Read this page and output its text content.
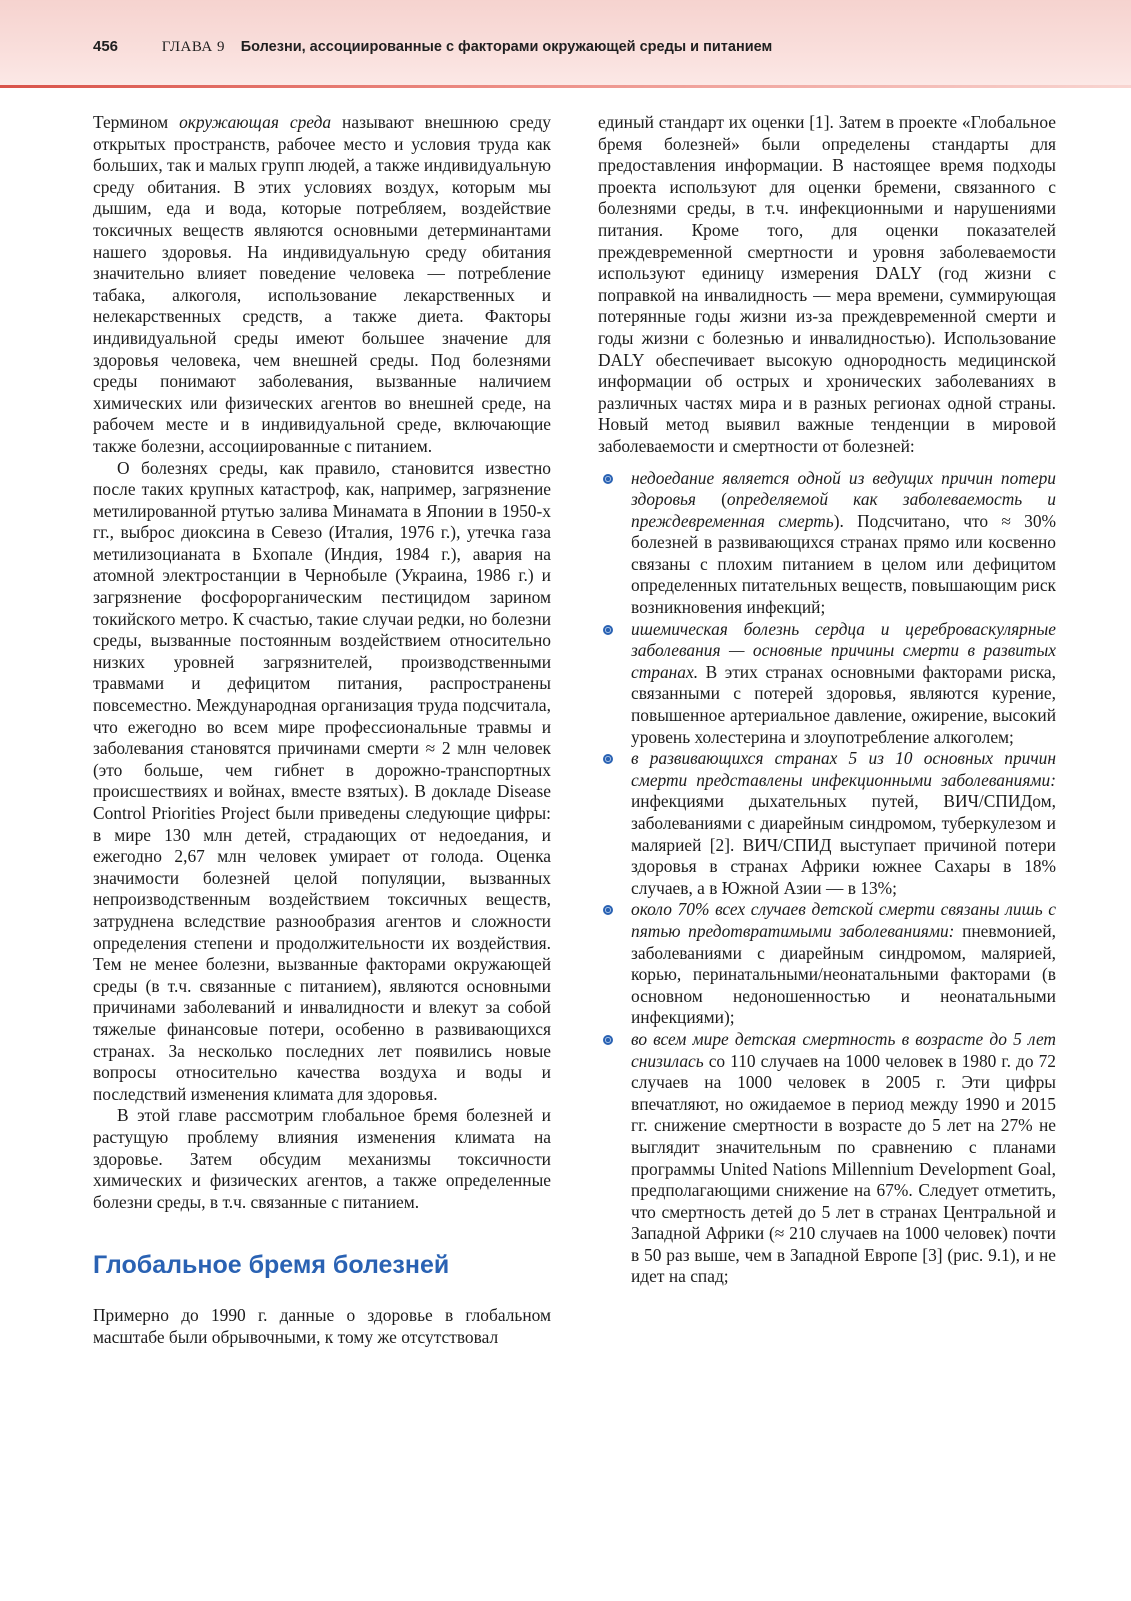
456	ГЛАВА 9 Болезни, ассоциированные с факторами окружающей среды и питанием

Термином окружающая среда называют внешнюю среду открытых пространств, рабочее место и условия труда как больших, так и малых групп людей, а также индивидуальную среду обитания. В этих условиях воздух, которым мы дышим, еда и вода, которые потребляем, воздействие токсичных веществ являются основными детерминантами нашего здоровья. На индивидуальную среду обитания значительно влияет поведение человека — потребление табака, алкоголя, использование лекарственных и нелекарственных средств, а также диета. Факторы индивидуальной среды имеют большее значение для здоровья человека, чем внешней среды. Под болезнями среды понимают заболевания, вызванные наличием химических или физических агентов во внешней среде, на рабочем месте и в индивидуальной среде, включающие также болезни, ассоциированные с питанием.

О болезнях среды, как правило, становится известно после таких крупных катастроф, как, например, загрязнение метилированной ртутью залива Минамата в Японии в 1950-х гг., выброс диоксина в Севезо (Италия, 1976 г.), утечка газа метилизоцианата в Бхопале (Индия, 1984 г.), авария на атомной электростанции в Чернобыле (Украина, 1986 г.) и загрязнение фосфорорганическим пестицидом зарином токийского метро. К счастью, такие случаи редки, но болезни среды, вызванные постоянным воздействием относительно низких уровней загрязнителей, производственными травмами и дефицитом питания, распространены повсеместно. Международная организация труда подсчитала, что ежегодно во всем мире профессиональные травмы и заболевания становятся причинами смерти ≈ 2 млн человек (это больше, чем гибнет в дорожно-транспортных происшествиях и войнах, вместе взятых). В докладе Disease Control Priorities Project были приведены следующие цифры: в мире 130 млн детей, страдающих от недоедания, и ежегодно 2,67 млн человек умирает от голода. Оценка значимости болезней целой популяции, вызванных непроизводственным воздействием токсичных веществ, затруднена вследствие разнообразия агентов и сложности определения степени и продолжительности их воздействия. Тем не менее болезни, вызванные факторами окружающей среды (в т.ч. связанные с питанием), являются основными причинами заболеваний и инвалидности и влекут за собой тяжелые финансовые потери, особенно в развивающихся странах. За несколько последних лет появились новые вопросы относительно качества воздуха и воды и последствий изменения климата для здоровья.

В этой главе рассмотрим глобальное бремя болезней и растущую проблему влияния изменения климата на здоровье. Затем обсудим механизмы токсичности химических и физических агентов, а также определенные болезни среды, в т.ч. связанные с питанием.

Глобальное бремя болезней

Примерно до 1990 г. данные о здоровье в глобальном масштабе были обрывочными, к тому же отсутствовал

единый стандарт их оценки [1]. Затем в проекте «Глобальное бремя болезней» были определены стандарты для предоставления информации. В настоящее время подходы проекта используют для оценки бремени, связанного с болезнями среды, в т.ч. инфекционными и нарушениями питания. Кроме того, для оценки показателей преждевременной смертности и уровня заболеваемости используют единицу измерения DALY (год жизни с поправкой на инвалидность — мера времени, суммирующая потерянные годы жизни из-за преждевременной смерти и годы жизни с болезнью и инвалидностью). Использование DALY обеспечивает высокую однородность медицинской информации об острых и хронических заболеваниях в различных частях мира и в разных регионах одной страны. Новый метод выявил важные тенденции в мировой заболеваемости и смертности от болезней:

недоедание является одной из ведущих причин потери здоровья (определяемой как заболеваемость и преждевременная смерть). Подсчитано, что ≈ 30% болезней в развивающихся странах прямо или косвенно связаны с плохим питанием в целом или дефицитом определенных питательных веществ, повышающим риск возникновения инфекций;
ишемическая болезнь сердца и цереброваскулярные заболевания — основные причины смерти в развитых странах. В этих странах основными факторами риска, связанными с потерей здоровья, являются курение, повышенное артериальное давление, ожирение, высокий уровень холестерина и злоупотребление алкоголем;
в развивающихся странах 5 из 10 основных причин смерти представлены инфекционными заболеваниями: инфекциями дыхательных путей, ВИЧ/СПИДом, заболеваниями с диарейным синдромом, туберкулезом и малярией [2]. ВИЧ/СПИД выступает причиной потери здоровья в странах Африки южнее Сахары в 18% случаев, а в Южной Азии — в 13%;
около 70% всех случаев детской смерти связаны лишь с пятью предотвратимыми заболеваниями: пневмонией, заболеваниями с диарейным синдромом, малярией, корью, перинатальными/неонатальными факторами (в основном недоношенностью и неонатальными инфекциями);
во всем мире детская смертность в возрасте до 5 лет снизилась со 110 случаев на 1000 человек в 1980 г. до 72 случаев на 1000 человек в 2005 г. Эти цифры впечатляют, но ожидаемое в период между 1990 и 2015 гг. снижение смертности в возрасте до 5 лет на 27% не выглядит значительным по сравнению с планами программы United Nations Millennium Development Goal, предполагающими снижение на 67%. Следует отметить, что смертность детей до 5 лет в странах Центральной и Западной Африки (≈ 210 случаев на 1000 человек) почти в 50 раз выше, чем в Западной Европе [3] (рис. 9.1), и не идет на спад;
